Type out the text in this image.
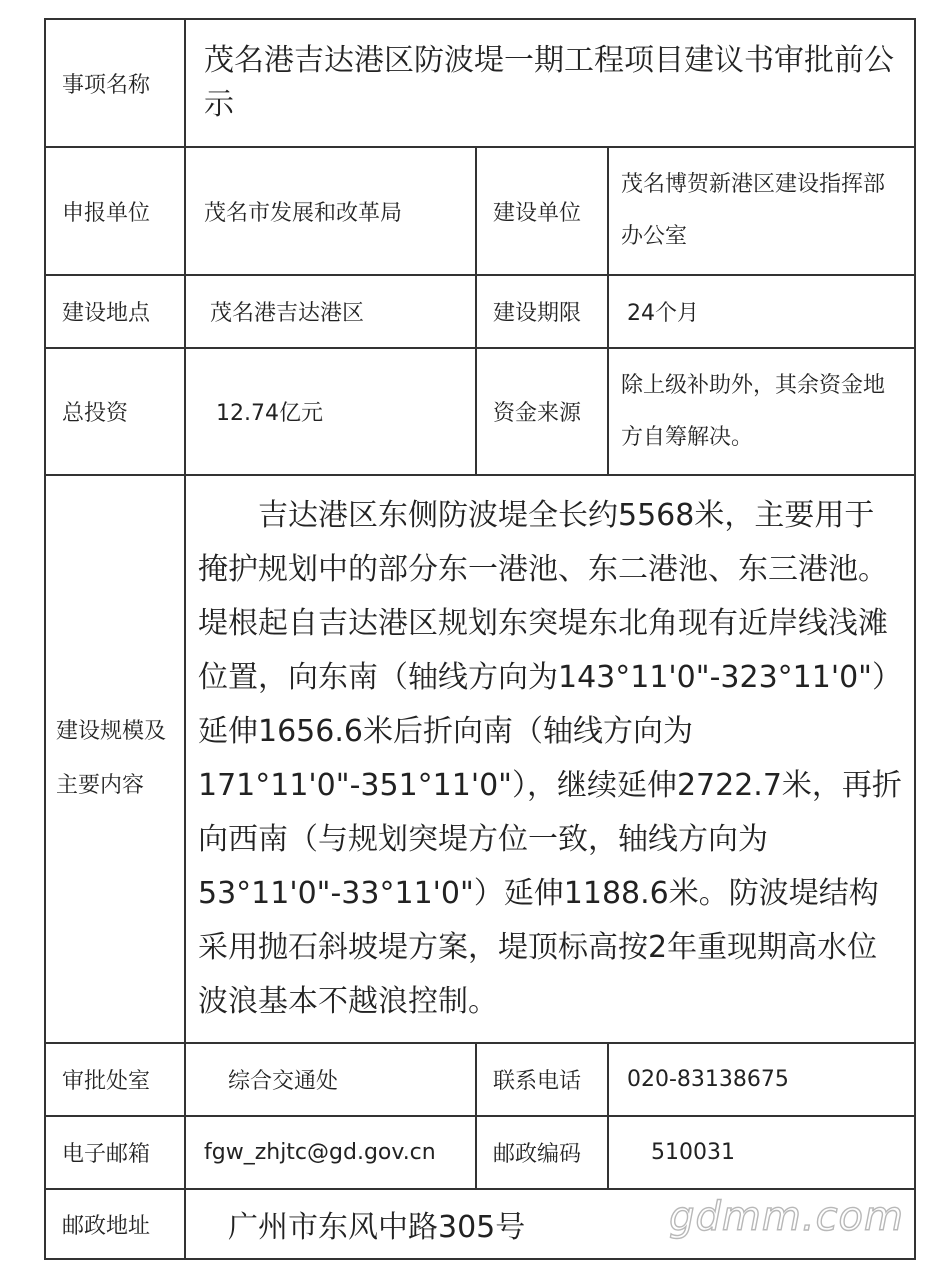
事项名称	茂名港吉达港区防波堤一期工程项目建议书审批前公示		
申报单位	茂名市发展和改革局	建设单位	茂名博贺新港区建设指挥部办公室
建设地点	茂名港吉达港区	建设期限	24个月
总投资	12.74亿元	资金来源	除上级补助外，其余资金地方自筹解决。
建设规模及主要内容	吉达港区东侧防波堤全长约5568米，主要用于掩护规划中的部分东一港池、东二港池、东三港池。堤根起自吉达港区规划东突堤东北角现有近岸线浅滩位置，向东南（轴线方向为143°11'0"-323°11'0"）延伸1656.6米后折向南（轴线方向为171°11'0"-351°11'0"），继续延伸2722.7米，再折向西南（与规划突堤方位一致，轴线方向为53°11'0"-33°11'0"）延伸1188.6米。防波堤结构采用抛石斜坡堤方案，堤顶标高按2年重现期高水位波浪基本不越浪控制。		
审批处室	综合交通处	联系电话	020-83138675
电子邮箱	fgw_zhjtc@gd.gov.cn	邮政编码	510031
邮政地址	广州市东风中路305号			gdmm.com
